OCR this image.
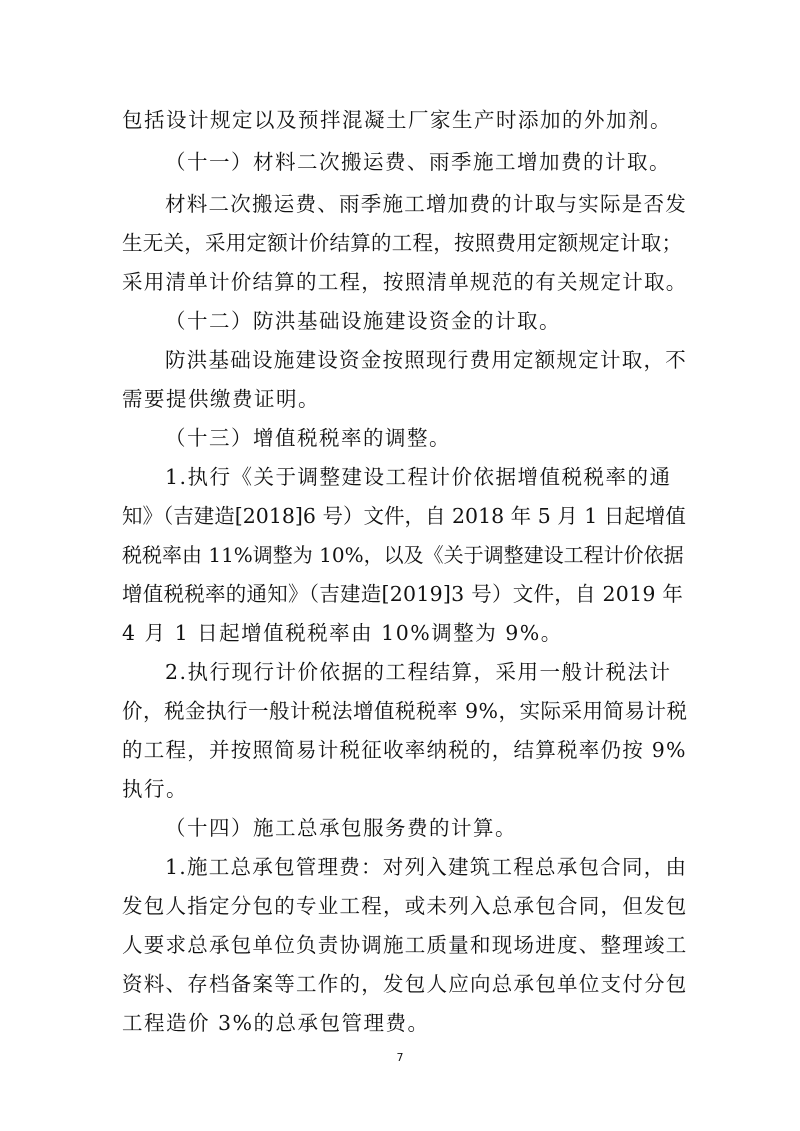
包括设计规定以及预拌混凝土厂家生产时添加的外加剂。
（十一）材料二次搬运费、雨季施工增加费的计取。
材料二次搬运费、雨季施工增加费的计取与实际是否发
生无关，采用定额计价结算的工程，按照费用定额规定计取；
采用清单计价结算的工程，按照清单规范的有关规定计取。
（十二）防洪基础设施建设资金的计取。
防洪基础设施建设资金按照现行费用定额规定计取，不
需要提供缴费证明。
（十三）增值税税率的调整。
1.执行《关于调整建设工程计价依据增值税税率的通
知》（吉建造[2018]6 号）文件，自 2018 年 5 月 1 日起增值
税税率由 11%调整为 10%，以及《关于调整建设工程计价依据
增值税税率的通知》（吉建造[2019]3 号）文件，自 2019 年
4 月 1 日起增值税税率由 10%调整为 9%。
2.执行现行计价依据的工程结算，采用一般计税法计
价，税金执行一般计税法增值税税率 9%，实际采用简易计税
的工程，并按照简易计税征收率纳税的，结算税率仍按 9%
执行。
（十四）施工总承包服务费的计算。
1.施工总承包管理费：对列入建筑工程总承包合同，由
发包人指定分包的专业工程，或未列入总承包合同，但发包
人要求总承包单位负责协调施工质量和现场进度、整理竣工
资料、存档备案等工作的，发包人应向总承包单位支付分包
工程造价 3%的总承包管理费。
7
